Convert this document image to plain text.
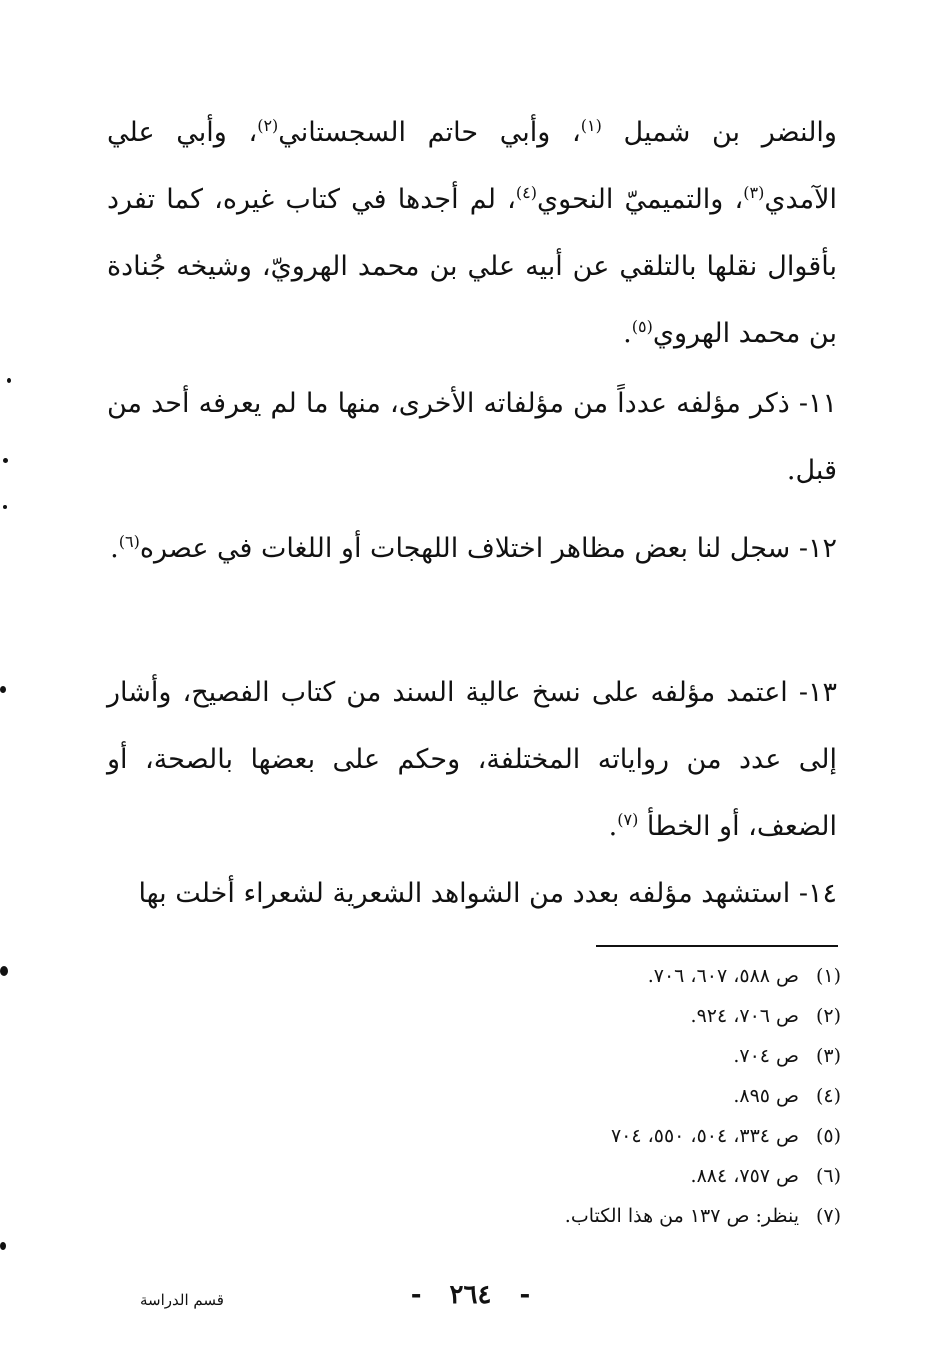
والنضر بن شميل $^{(١)}$، وأبي حاتم السجستاني$^{(٢)}$، وأبي علي الآمدي$^{(٣)}$، والتميميّ النحوي$^{(٤)}$، لم أجدها في كتاب غيره، كما تفرد بأقوال نقلها بالتلقي عن أبيه علي بن محمد الهرويّ، وشيخه جُنادة بن محمد الهروي$^{(٥)}$.

١١- ذكر مؤلفه عدداً من مؤلفاته الأخرى، منها ما لم يعرفه أحد من قبل.

١٢- سجل لنا بعض مظاهر اختلاف اللهجات أو اللغات في عصره$^{(٦)}$.

١٣- اعتمد مؤلفه على نسخ عالية السند من كتاب الفصيح، وأشار إلى عدد من رواياته المختلفة، وحكم على بعضها بالصحة، أو الضعف، أو الخطأ $^{(٧)}$.

١٤- استشهد مؤلفه بعدد من الشواهد الشعرية لشعراء أخلت بها

(١)ص ٥٨٨، ٦٠٧، ٧٠٦.
(٢)ص ٧٠٦، ٩٢٤.
(٣)ص ٧٠٤.
(٤)ص ٨٩٥.
(٥)ص ٣٣٤، ٥٠٤، ٥٥٠، ٧٠٤
(٦)ص ٧٥٧، ٨٨٤.
(٧)ينظر: ص ١٣٧ من هذا الكتاب.
-٢٦٤-
قسم الدراسة
